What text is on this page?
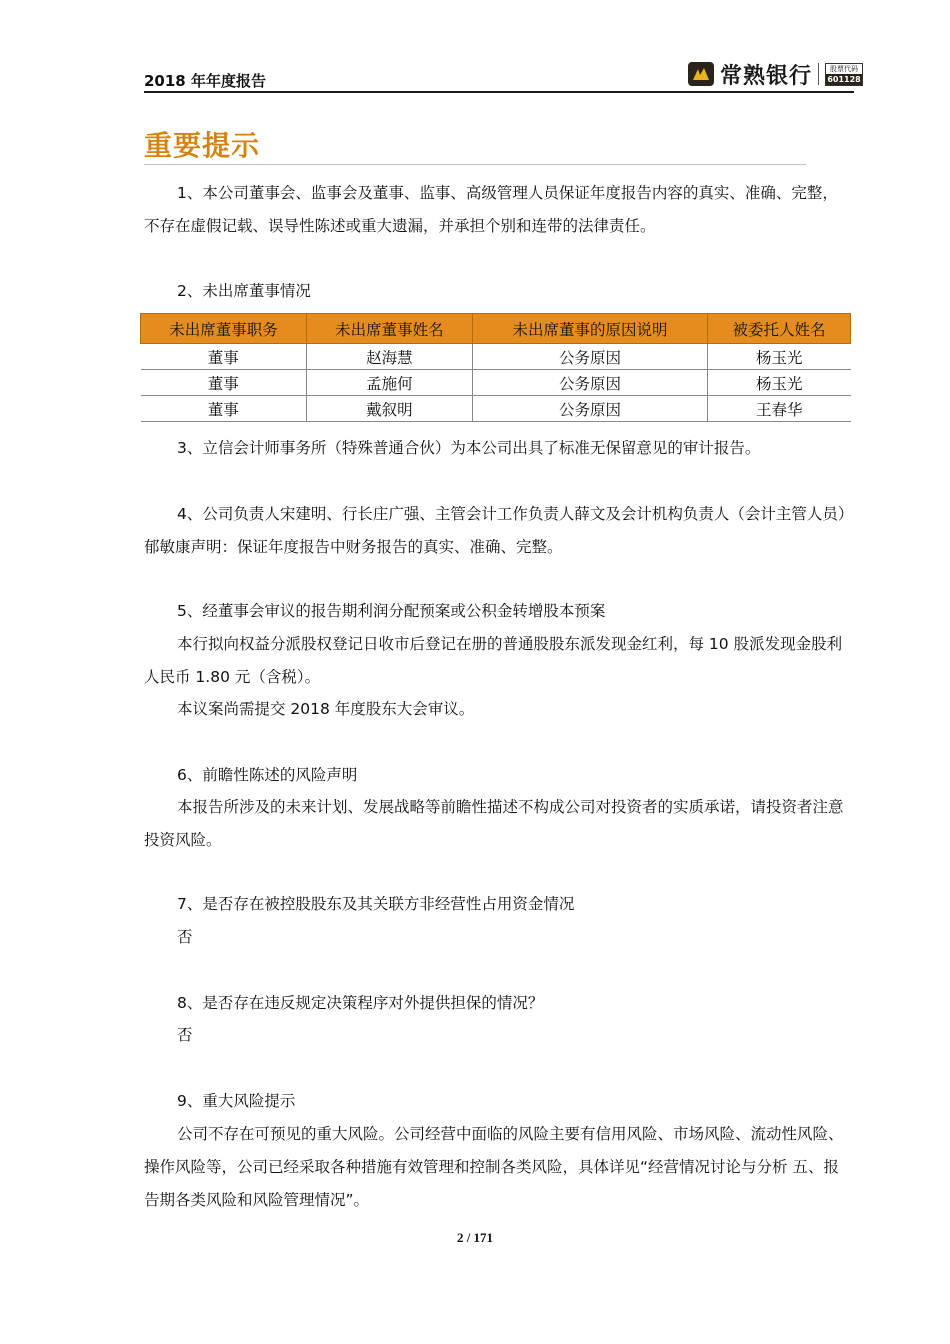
2018 年年度报告	常熟银行	股票代码
601128
重要提示

1、本公司董事会、监事会及董事、监事、高级管理人员保证年度报告内容的真实、准确、完整，不存在虚假记载、误导性陈述或重大遗漏，并承担个别和连带的法律责任。

2、未出席董事情况
未出席董事职务	未出席董事姓名	未出席董事的原因说明	被委托人姓名
董事	赵海慧	公务原因	杨玉光
董事	孟施何	公务原因	杨玉光
董事	戴叙明	公务原因	王春华
3、立信会计师事务所（特殊普通合伙）为本公司出具了标准无保留意见的审计报告。

4、公司负责人宋建明、行长庄广强、主管会计工作负责人薛文及会计机构负责人（会计主管人员）郁敏康声明：保证年度报告中财务报告的真实、准确、完整。

5、经董事会审议的报告期利润分配预案或公积金转增股本预案

本行拟向权益分派股权登记日收市后登记在册的普通股股东派发现金红利，每 10 股派发现金股利人民币 1.80 元（含税）。

本议案尚需提交 2018 年度股东大会审议。
6、前瞻性陈述的风险声明

本报告所涉及的未来计划、发展战略等前瞻性描述不构成公司对投资者的实质承诺，请投资者注意投资风险。

7、是否存在被控股股东及其关联方非经营性占用资金情况
否
8、是否存在违反规定决策程序对外提供担保的情况？
否
9、重大风险提示

公司不存在可预见的重大风险。公司经营中面临的风险主要有信用风险、市场风险、流动性风险、操作风险等，公司已经采取各种措施有效管理和控制各类风险，具体详见“经营情况讨论与分析 五、报告期各类风险和风险管理情况”。

2 / 171
